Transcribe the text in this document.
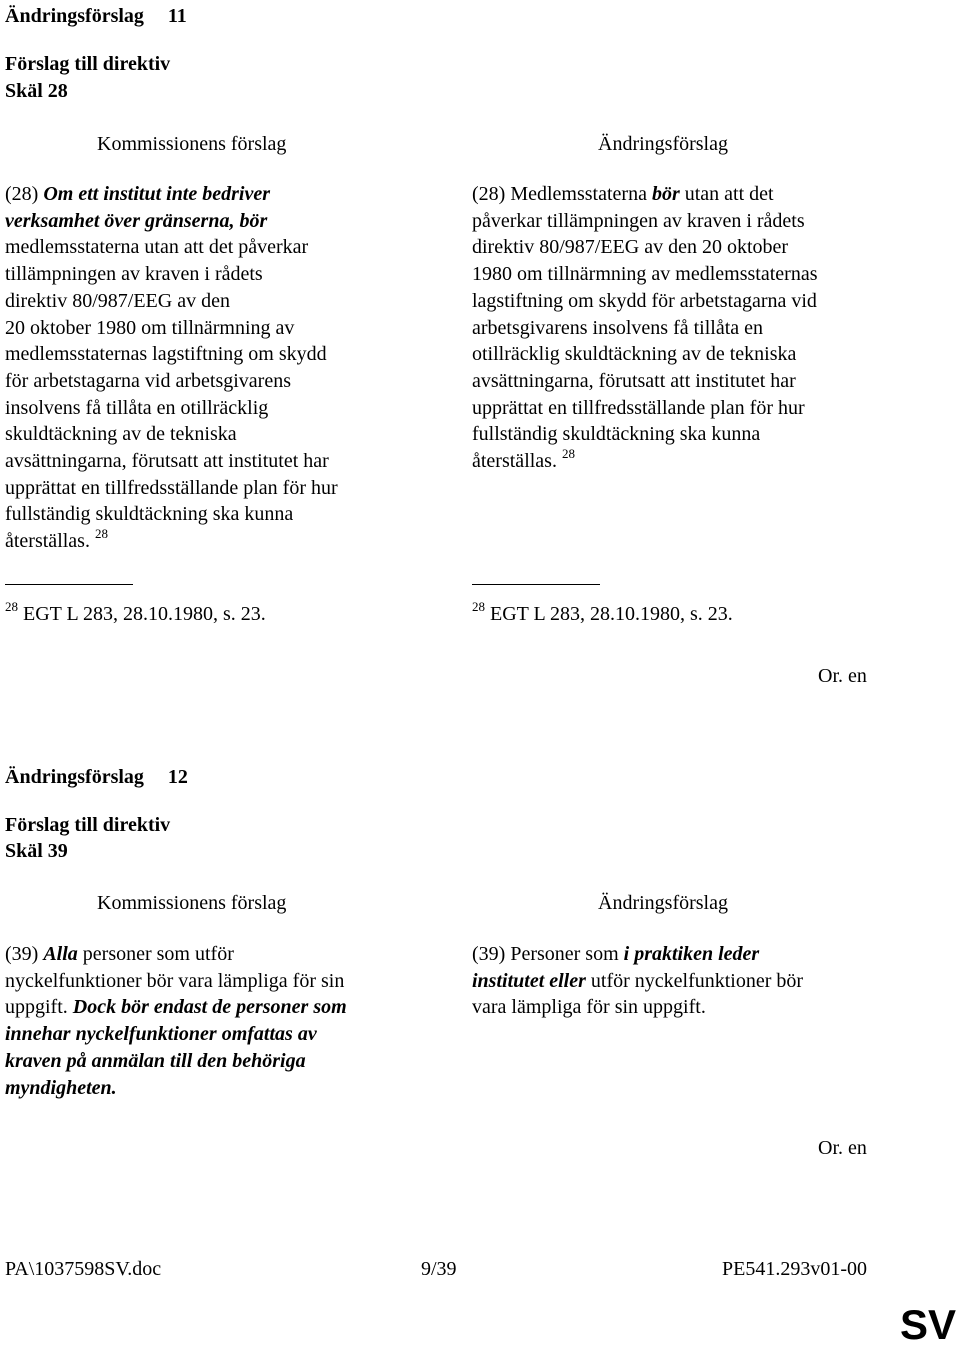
Ändringsförslag 11
Förslag till direktiv
Skäl 28
Kommissionens förslag	Ändringsförslag
(28) Om ett institut inte bedriver
verksamhet över gränserna, bör
medlemsstaterna utan att det påverkar
tillämpningen av kraven i rådets
direktiv 80/987/EEG av den
20 oktober 1980 om tillnärmning av
medlemsstaternas lagstiftning om skydd
för arbetstagarna vid arbetsgivarens
insolvens få tillåta en otillräcklig
skuldtäckning av de tekniska
avsättningarna, förutsatt att institutet har
upprättat en tillfredsställande plan för hur
fullständig skuldtäckning ska kunna
återställas. $^{28}$
(28) Medlemsstaterna bör utan att det
påverkar tillämpningen av kraven i rådets
direktiv 80/987/EEG av den 20 oktober
1980 om tillnärmning av medlemsstaternas
lagstiftning om skydd för arbetstagarna vid
arbetsgivarens insolvens få tillåta en
otillräcklig skuldtäckning av de tekniska
avsättningarna, förutsatt att institutet har
upprättat en tillfredsställande plan för hur
fullständig skuldtäckning ska kunna
återställas. $^{28}$
$^{28}$ EGT L 283, 28.10.1980, s. 23.	$^{28}$ EGT L 283, 28.10.1980, s. 23.
Or. en
Ändringsförslag 12
Förslag till direktiv
Skäl 39
Kommissionens förslag	Ändringsförslag
(39) Alla personer som utför
nyckelfunktioner bör vara lämpliga för sin
uppgift. Dock bör endast de personer som
innehar nyckelfunktioner omfattas av
kraven på anmälan till den behöriga
myndigheten.
(39) Personer som i praktiken leder
institutet eller utför nyckelfunktioner bör
vara lämpliga för sin uppgift.
Or. en
PA\1037598SV.doc	9/39	PE541.293v01-00
SV
